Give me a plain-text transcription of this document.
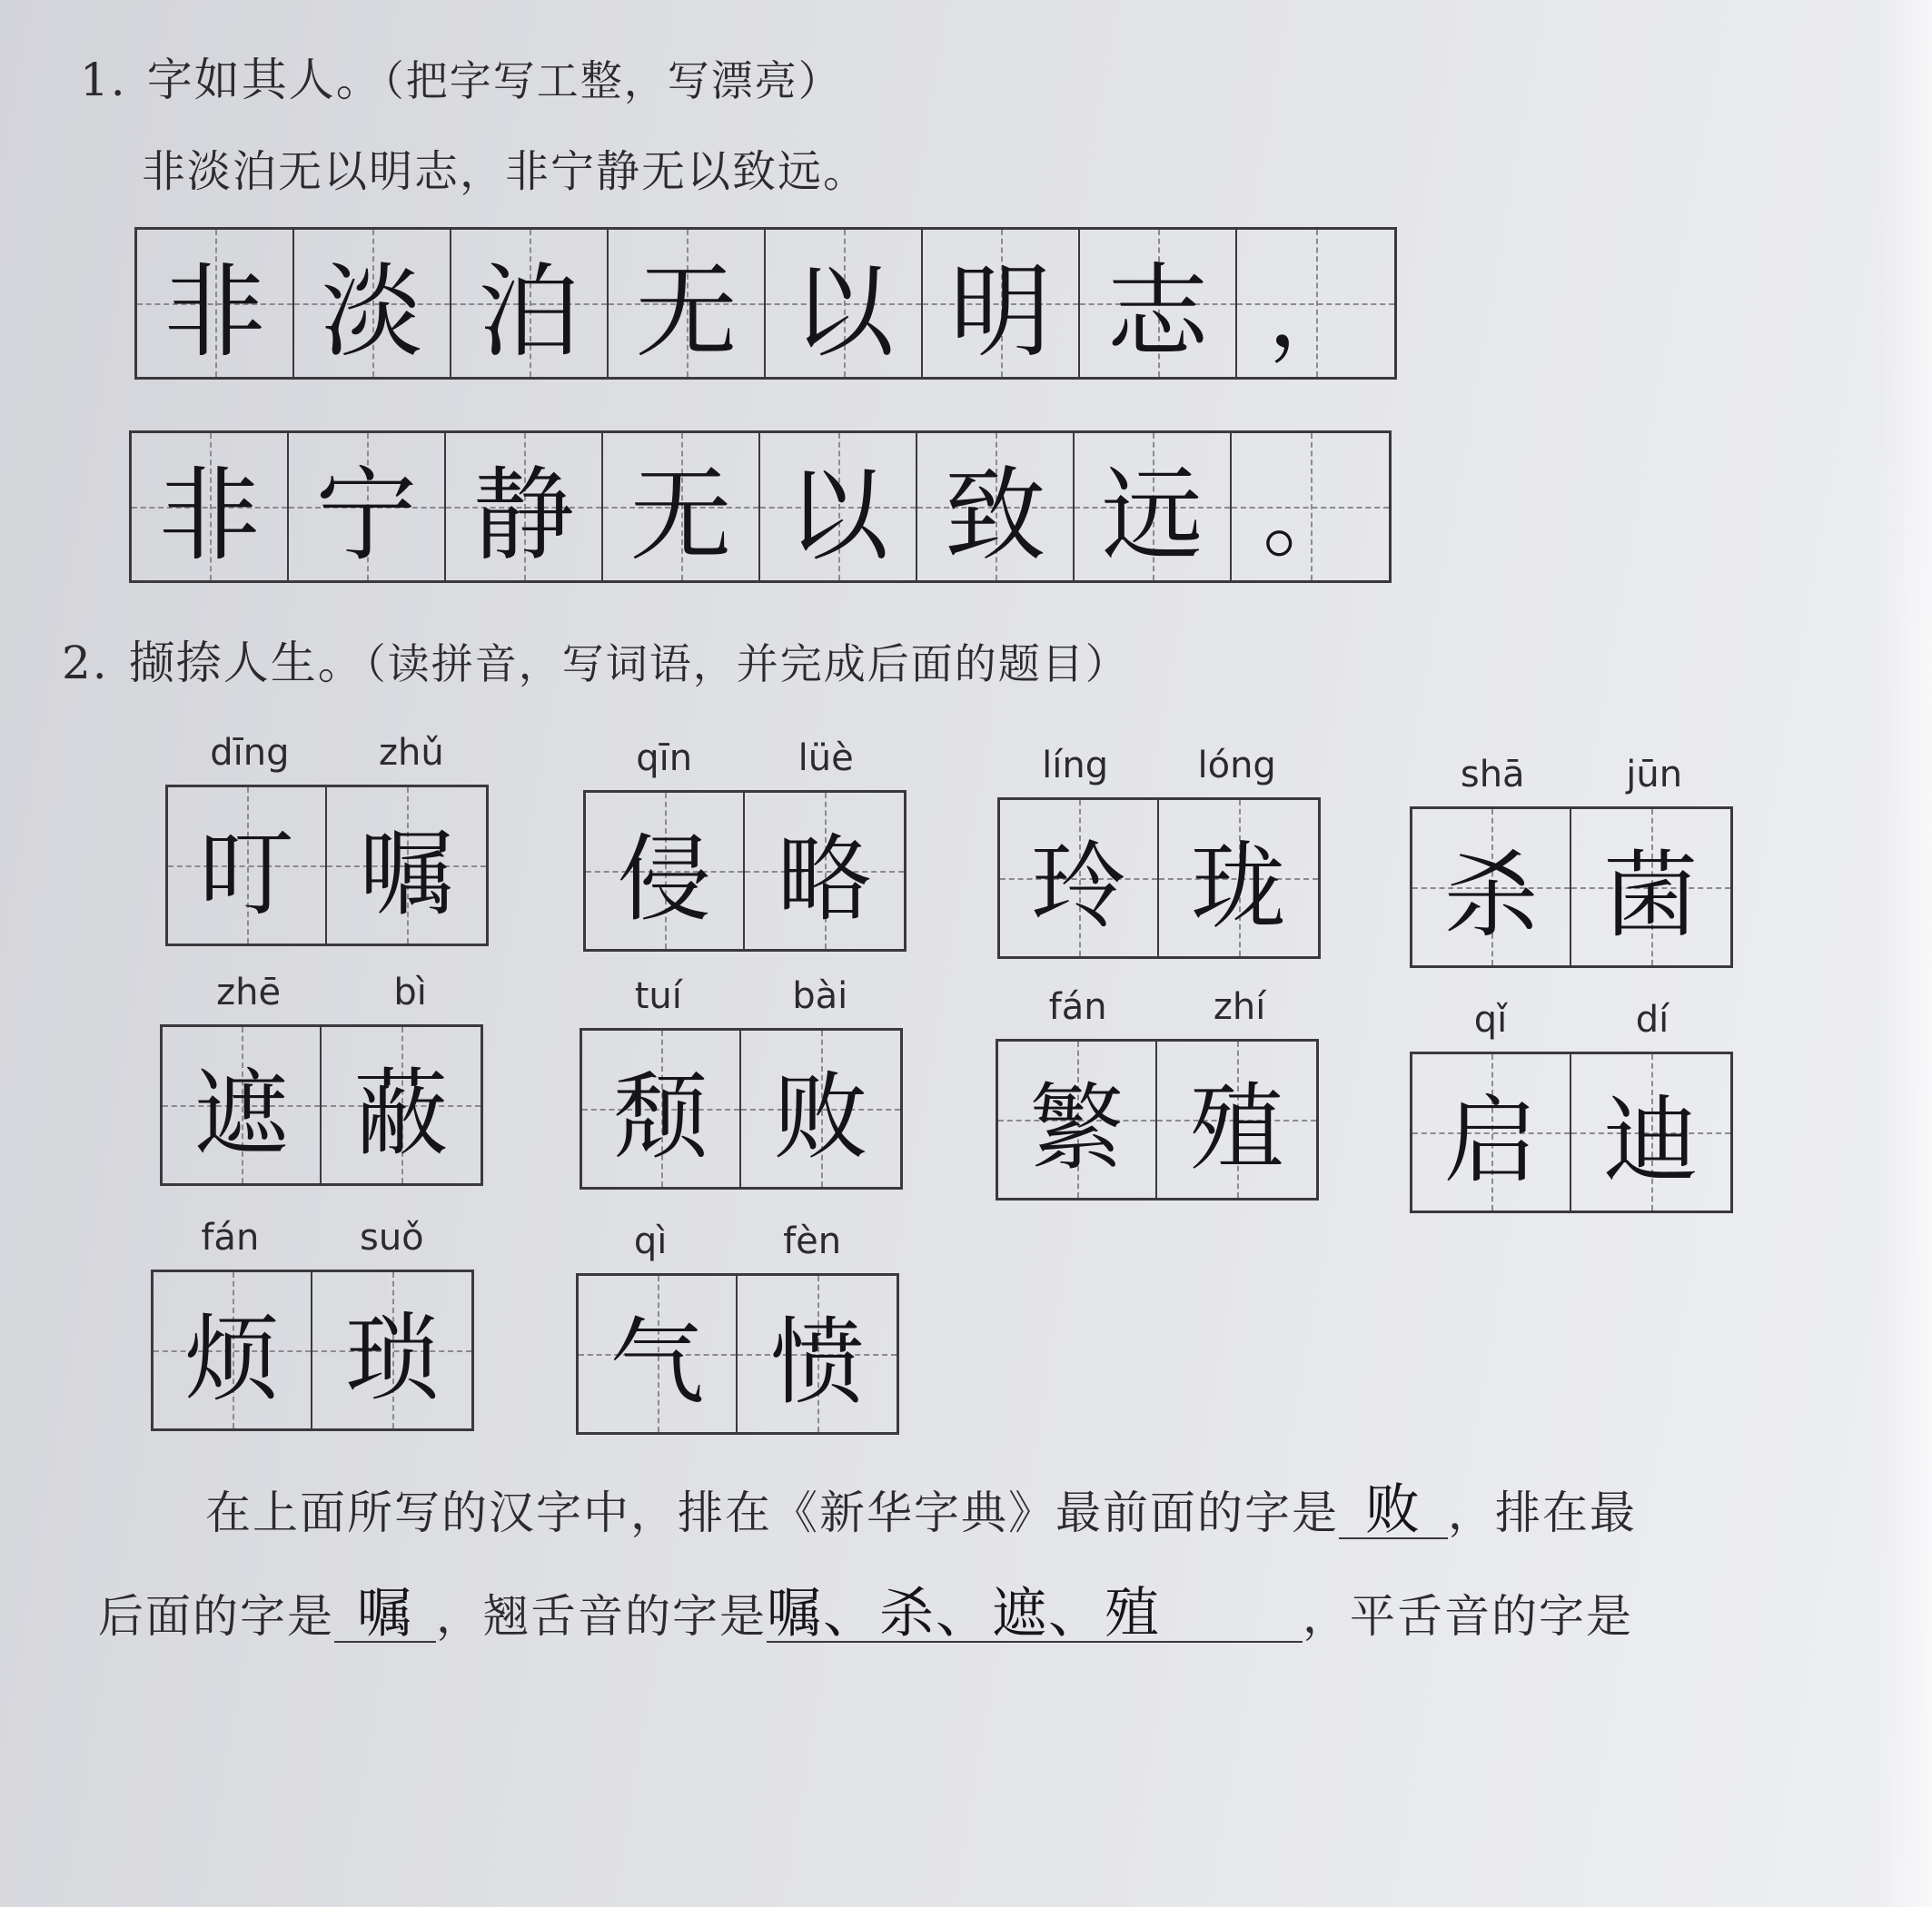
1. 字如其人。（把字写工整，写漂亮）
非淡泊无以明志，非宁静无以致远。
非 淡 泊 无 以 明 志 ，
非 宁 静 无 以 致 远 。
2. 撷捺人生。（读拼音，写词语，并完成后面的题目）
dīng zhǔ
叮 嘱
qīn	lüè
侵 略
líng lóng
玲 珑
shā	jūn
杀 菌
zhē	bì
遮 蔽
tuí	bài
颓 败
fán	zhí
繁 殖
qǐ	dí
启 迪
fán	suǒ
烦 琐
qì	fèn
气 愤
在上面所写的汉字中，排在《新华字典》最前面的字是 败 ，排在最
后面的字是 嘱 ，翘舌音的字是嘱、杀、遮、殖	，平舌音的字是
